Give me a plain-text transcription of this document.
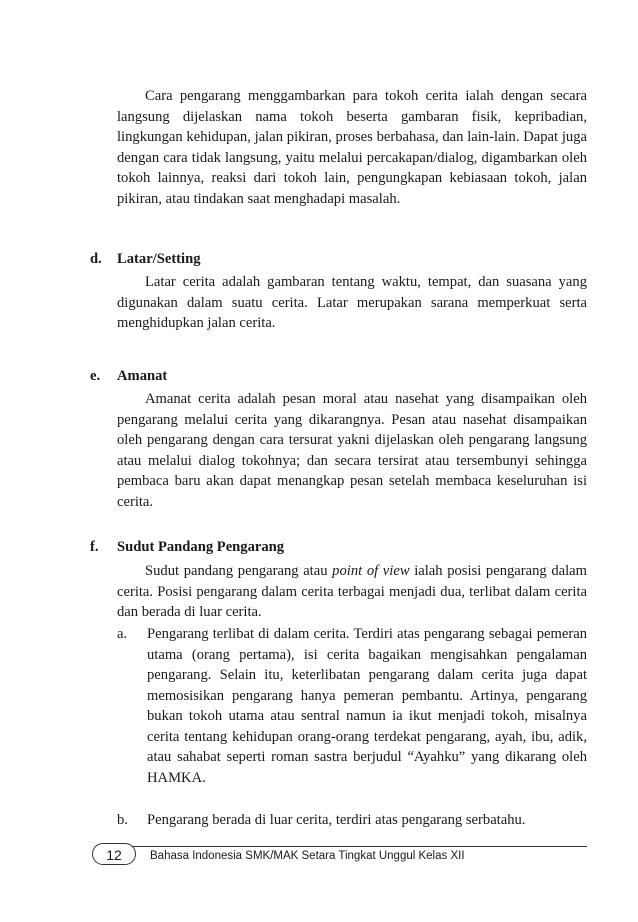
Cara pengarang menggambarkan para tokoh cerita ialah dengan secara langsung dijelaskan nama tokoh beserta gambaran fisik, kepribadian, lingkungan kehidupan, jalan pikiran, proses berbahasa, dan lain-lain. Dapat juga dengan cara tidak langsung, yaitu melalui percakapan/dialog, digambarkan oleh tokoh lainnya, reaksi dari tokoh lain, pengungkapan kebiasaan tokoh, jalan pikiran, atau tindakan saat menghadapi masalah.

d. Latar/Setting

Latar cerita adalah gambaran tentang waktu, tempat, dan suasana yang digunakan dalam suatu cerita. Latar merupakan sarana memperkuat serta menghidupkan jalan cerita.

e. Amanat

Amanat cerita adalah pesan moral atau nasehat yang disampaikan oleh pengarang melalui cerita yang dikarangnya. Pesan atau nasehat disampaikan oleh pengarang dengan cara tersurat yakni dijelaskan oleh pengarang langsung atau melalui dialog tokohnya; dan secara tersirat atau tersembunyi sehingga pembaca baru akan dapat menangkap pesan setelah membaca keseluruhan isi cerita.

f. Sudut Pandang Pengarang

Sudut pandang pengarang atau point of view ialah posisi pengarang dalam cerita. Posisi pengarang dalam cerita terbagai menjadi dua, terlibat dalam cerita dan berada di luar cerita.

a. Pengarang terlibat di dalam cerita. Terdiri atas pengarang sebagai pemeran utama (orang pertama), isi cerita bagaikan mengisahkan pengalaman pengarang. Selain itu, keterlibatan pengarang dalam cerita juga dapat memosisikan pengarang hanya pemeran pembantu. Artinya, pengarang bukan tokoh utama atau sentral namun ia ikut menjadi tokoh, misalnya cerita tentang kehidupan orang-orang terdekat pengarang, ayah, ibu, adik, atau sahabat seperti roman sastra berjudul “Ayahku” yang dikarang oleh HAMKA.
b. Pengarang berada di luar cerita, terdiri atas pengarang serbatahu.
12	Bahasa Indonesia SMK/MAK Setara Tingkat Unggul Kelas XII
